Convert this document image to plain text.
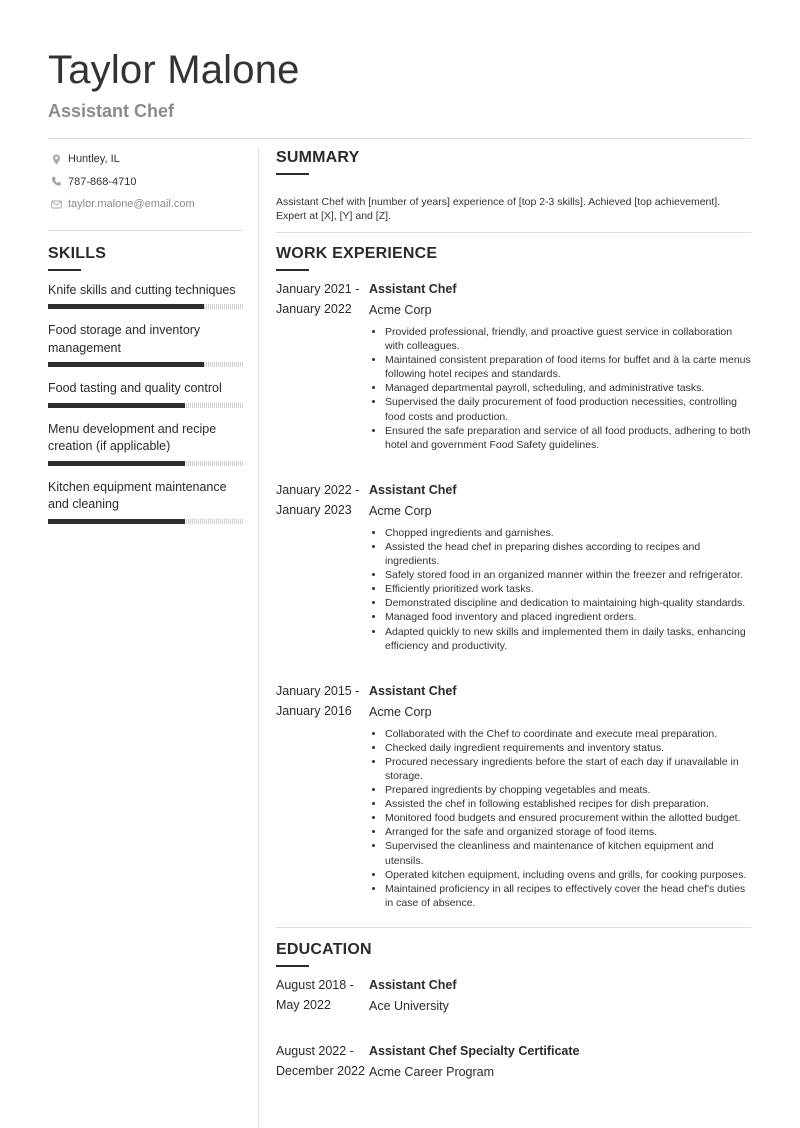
Taylor Malone
Assistant Chef
Huntley, IL
787-868-4710
taylor.malone@email.com
SKILLS
Knife skills and cutting techniques
Food storage and inventory management
Food tasting and quality control
Menu development and recipe creation (if applicable)
Kitchen equipment maintenance and cleaning
SUMMARY

Assistant Chef with [number of years] experience of [top 2-3 skills]. Achieved [top achievement]. Expert at [X], [Y] and [Z].

WORK EXPERIENCE
January 2021 -
January 2022
Assistant Chef
Acme Corp
• Provided professional, friendly, and proactive guest service in collaboration with colleagues.
• Maintained consistent preparation of food items for buffet and à la carte menus following hotel recipes and standards.
• Managed departmental payroll, scheduling, and administrative tasks.
• Supervised the daily procurement of food production necessities, controlling food costs and production.
• Ensured the safe preparation and service of all food products, adhering to both hotel and government Food Safety guidelines.
January 2022 -
January 2023
Assistant Chef
Acme Corp
• Chopped ingredients and garnishes.
• Assisted the head chef in preparing dishes according to recipes and ingredients.
• Safely stored food in an organized manner within the freezer and refrigerator.
• Efficiently prioritized work tasks.
• Demonstrated discipline and dedication to maintaining high-quality standards.
• Managed food inventory and placed ingredient orders.
• Adapted quickly to new skills and implemented them in daily tasks, enhancing efficiency and productivity.
January 2015 -
January 2016
Assistant Chef
Acme Corp
• Collaborated with the Chef to coordinate and execute meal preparation.
• Checked daily ingredient requirements and inventory status.
• Procured necessary ingredients before the start of each day if unavailable in storage.
• Prepared ingredients by chopping vegetables and meats.
• Assisted the chef in following established recipes for dish preparation.
• Monitored food budgets and ensured procurement within the allotted budget.
• Arranged for the safe and organized storage of food items.
• Supervised the cleanliness and maintenance of kitchen equipment and utensils.
• Operated kitchen equipment, including ovens and grills, for cooking purposes.
• Maintained proficiency in all recipes to effectively cover the head chef's duties in case of absence.
EDUCATION
August 2018 -
May 2022
Assistant Chef
Ace University
August 2022 -
December 2022
Assistant Chef Specialty Certificate
Acme Career Program
